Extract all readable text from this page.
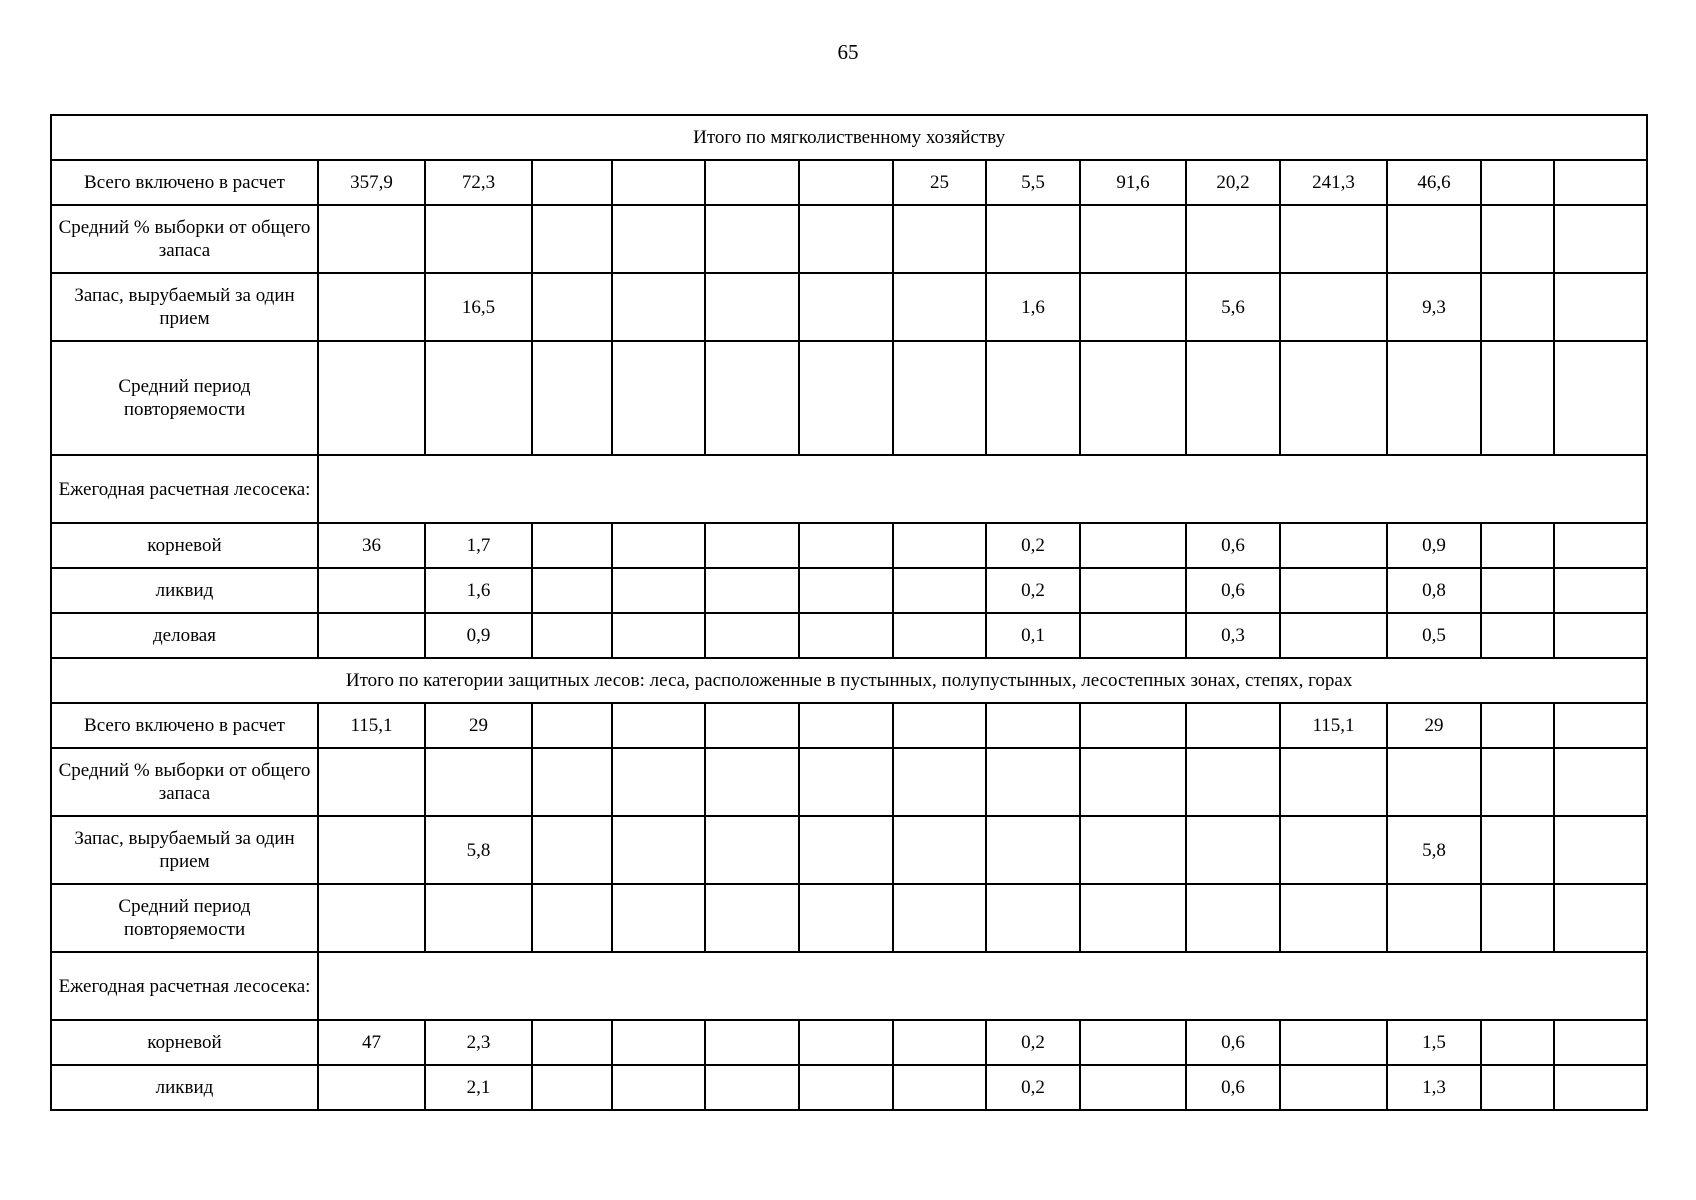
65
Итого по мягколиственному хозяйству														
Всего включено в расчет	357,9	72,3					25	5,5	91,6	20,2	241,3	46,6		
Средний % выборки от общего запаса														
Запас, вырубаемый за один прием		16,5						1,6		5,6		9,3		
Средний период повторяемости														
Ежегодная расчетная лесосека:														
корневой	36	1,7						0,2		0,6		0,9		
ликвид		1,6						0,2		0,6		0,8		
деловая		0,9						0,1		0,3		0,5		
Итого по категории защитных лесов: леса, расположенные в пустынных, полупустынных, лесостепных зонах, степях, горах														
Всего включено в расчет	115,1	29									115,1	29		
Средний % выборки от общего запаса														
Запас, вырубаемый за один прием		5,8										5,8		
Средний период повторяемости														
Ежегодная расчетная лесосека:														
корневой	47	2,3						0,2		0,6		1,5		
ликвид		2,1						0,2		0,6		1,3		
